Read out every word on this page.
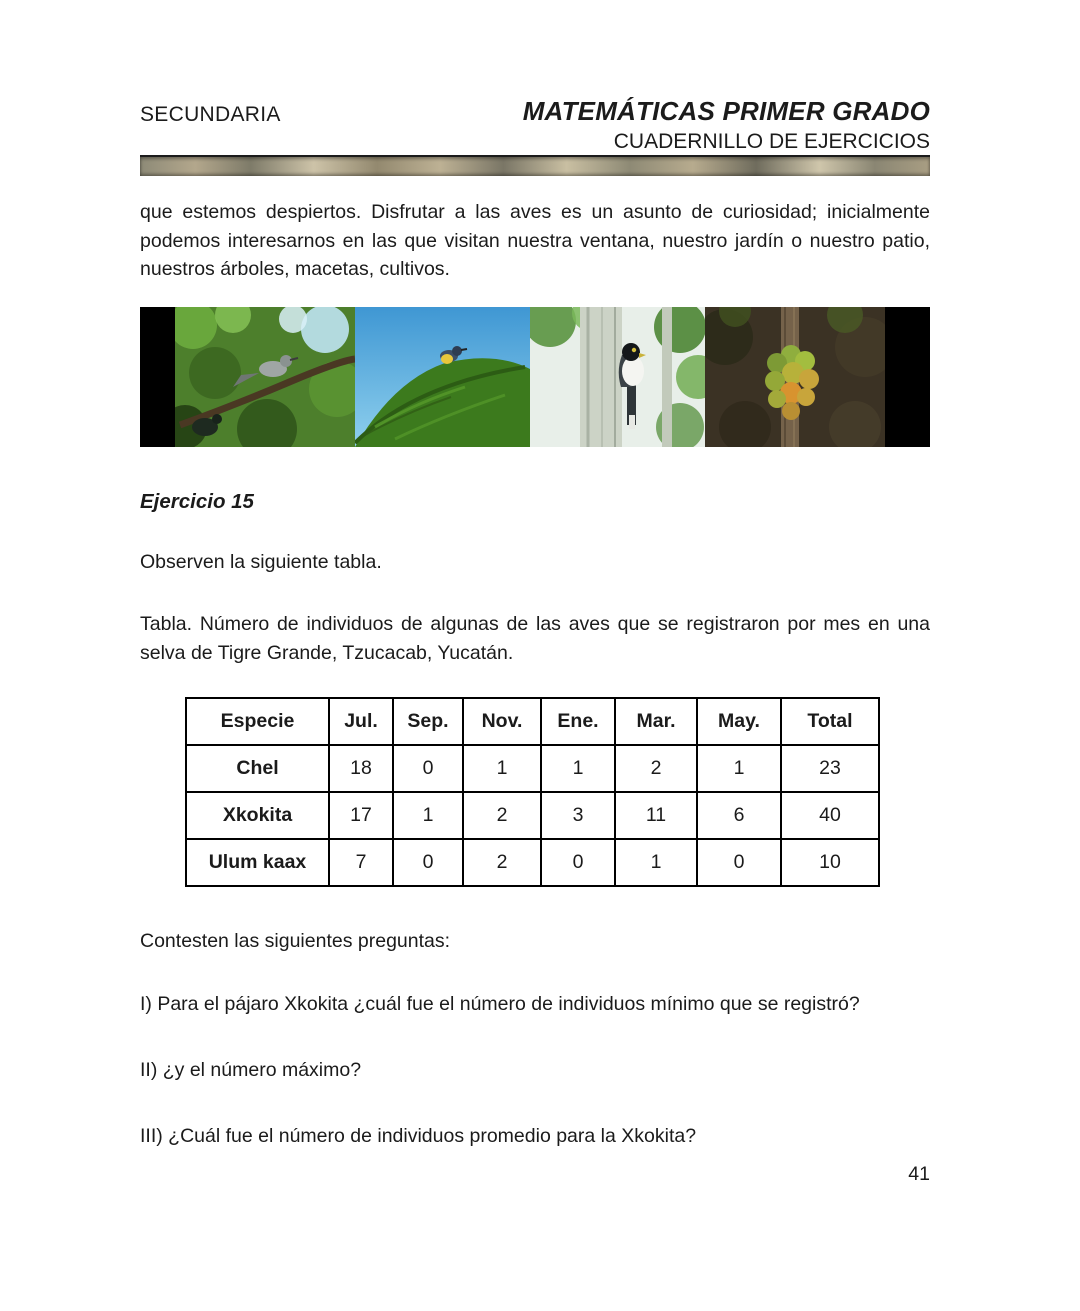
SECUNDARIA	MATEMÁTICAS PRIMER GRADO
CUADERNILLO DE EJERCICIOS

que estemos despiertos. Disfrutar a las aves es un asunto de curiosidad; inicialmente podemos interesarnos en las que visitan nuestra ventana, nuestro jardín o nuestro patio, nuestros árboles, macetas, cultivos.

Ejercicio 15

Observen la siguiente tabla.

Tabla. Número de individuos de algunas de las aves que se registraron por mes en una selva de Tigre Grande, Tzucacab, Yucatán.

Especie	Jul.	Sep.	Nov.	Ene.	Mar.	May.	Total
Chel	18	0	1	1	2	1	23
Xkokita	17	1	2	3	11	6	40
Ulum kaax	7	0	2	0	1	0	10

Contesten las siguientes preguntas:

I) Para el pájaro Xkokita ¿cuál fue el número de individuos mínimo que se registró?

II) ¿y el número máximo?

III) ¿Cuál fue el número de individuos promedio para la Xkokita?

41
